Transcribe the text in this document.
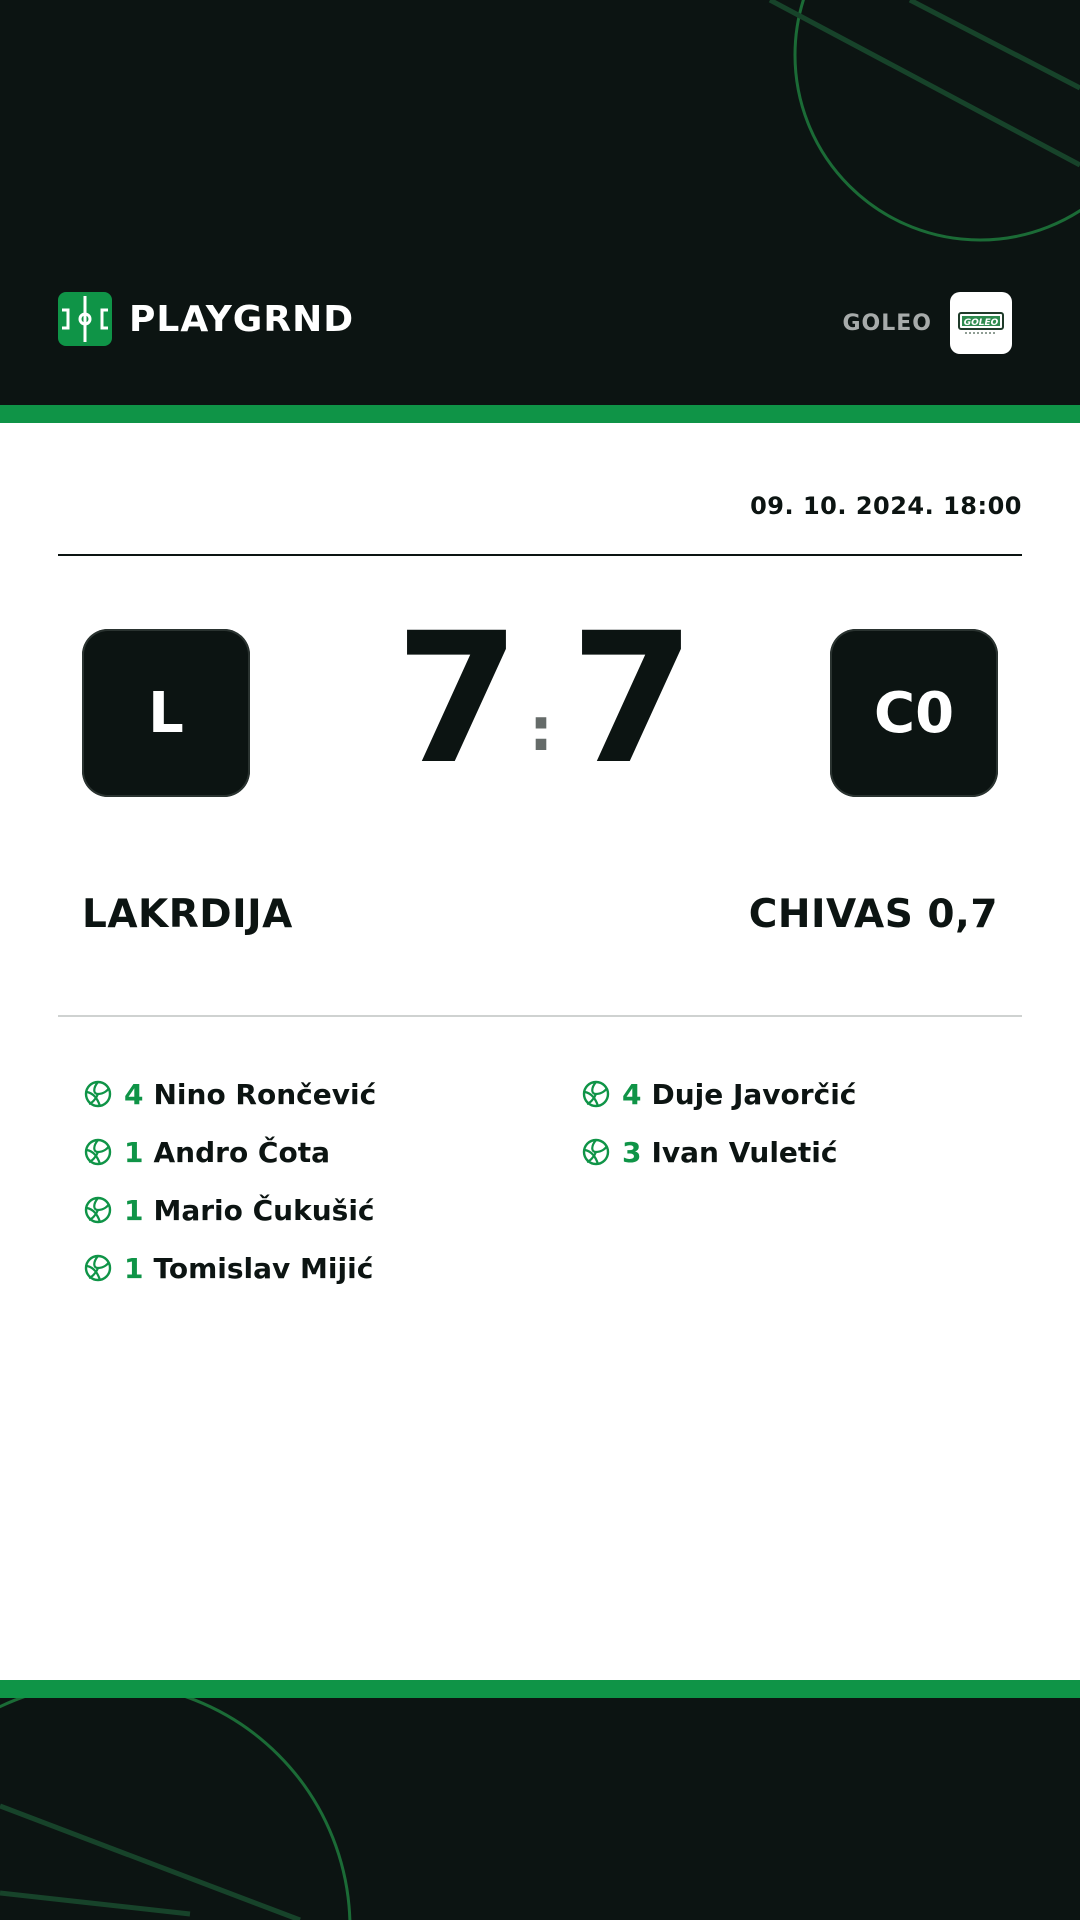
PLAYGRND	GOLEO	GOLEO
09. 10. 2024. 18:00
L	7 : 7	C0
LAKRDIJA	CHIVAS 0,7
4 Nino Rončević
1 Andro Čota
1 Mario Čukušić
1 Tomislav Mijić
4 Duje Javorčić
3 Ivan Vuletić
